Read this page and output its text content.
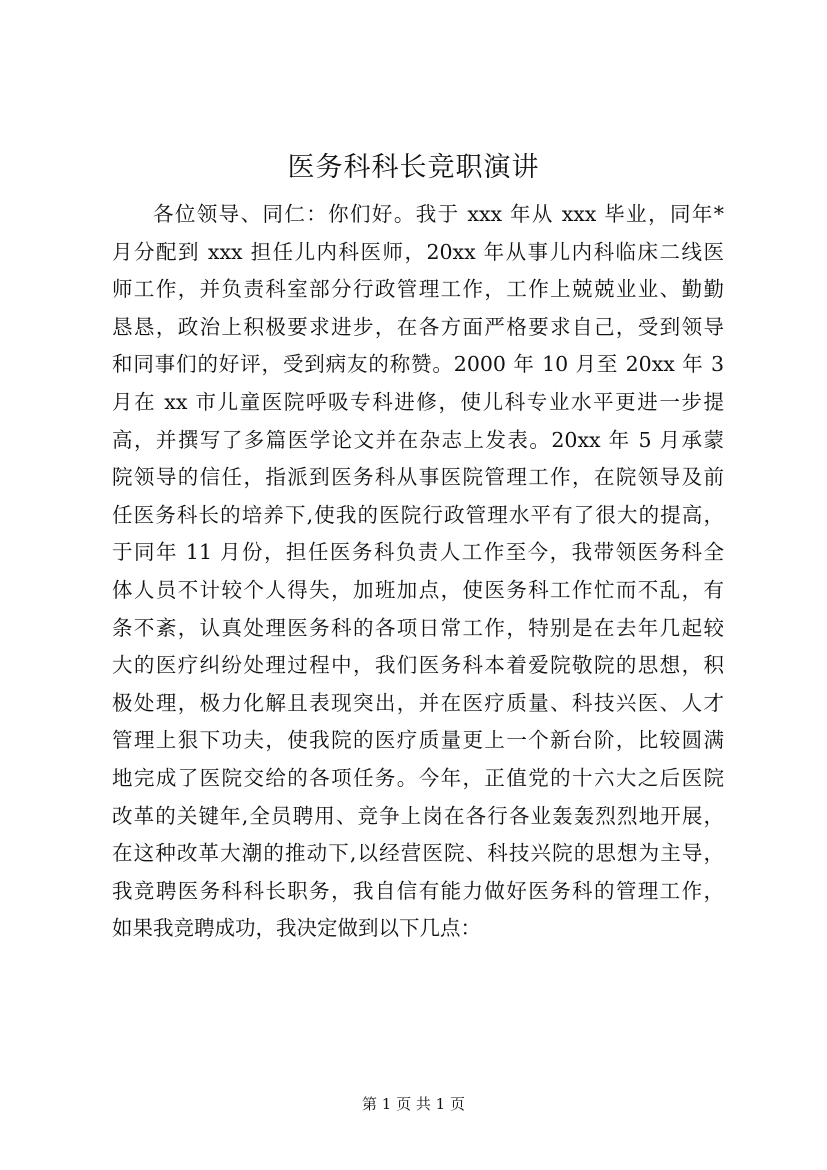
医务科科长竞职演讲
各位领导、同仁：你们好。我于 xxx 年从 xxx 毕业，同年*
月分配到 xxx 担任儿内科医师，20xx 年从事儿内科临床二线医
师工作，并负责科室部分行政管理工作，工作上兢兢业业、勤勤
恳恳，政治上积极要求进步，在各方面严格要求自己，受到领导
和同事们的好评，受到病友的称赞。2000 年 10 月至 20xx 年 3
月在 xx 市儿童医院呼吸专科进修，使儿科专业水平更进一步提
高，并撰写了多篇医学论文并在杂志上发表。20xx 年 5 月承蒙
院领导的信任，指派到医务科从事医院管理工作，在院领导及前
任医务科长的培养下,使我的医院行政管理水平有了很大的提高，
于同年 11 月份，担任医务科负责人工作至今，我带领医务科全
体人员不计较个人得失，加班加点，使医务科工作忙而不乱，有
条不紊，认真处理医务科的各项日常工作，特别是在去年几起较
大的医疗纠纷处理过程中，我们医务科本着爱院敬院的思想，积
极处理，极力化解且表现突出，并在医疗质量、科技兴医、人才
管理上狠下功夫，使我院的医疗质量更上一个新台阶，比较圆满
地完成了医院交给的各项任务。今年，正值党的十六大之后医院
改革的关键年,全员聘用、竞争上岗在各行各业轰轰烈烈地开展，
在这种改革大潮的推动下,以经营医院、科技兴院的思想为主导，
我竞聘医务科科长职务，我自信有能力做好医务科的管理工作，
如果我竞聘成功，我决定做到以下几点：
第 1 页 共 1 页
